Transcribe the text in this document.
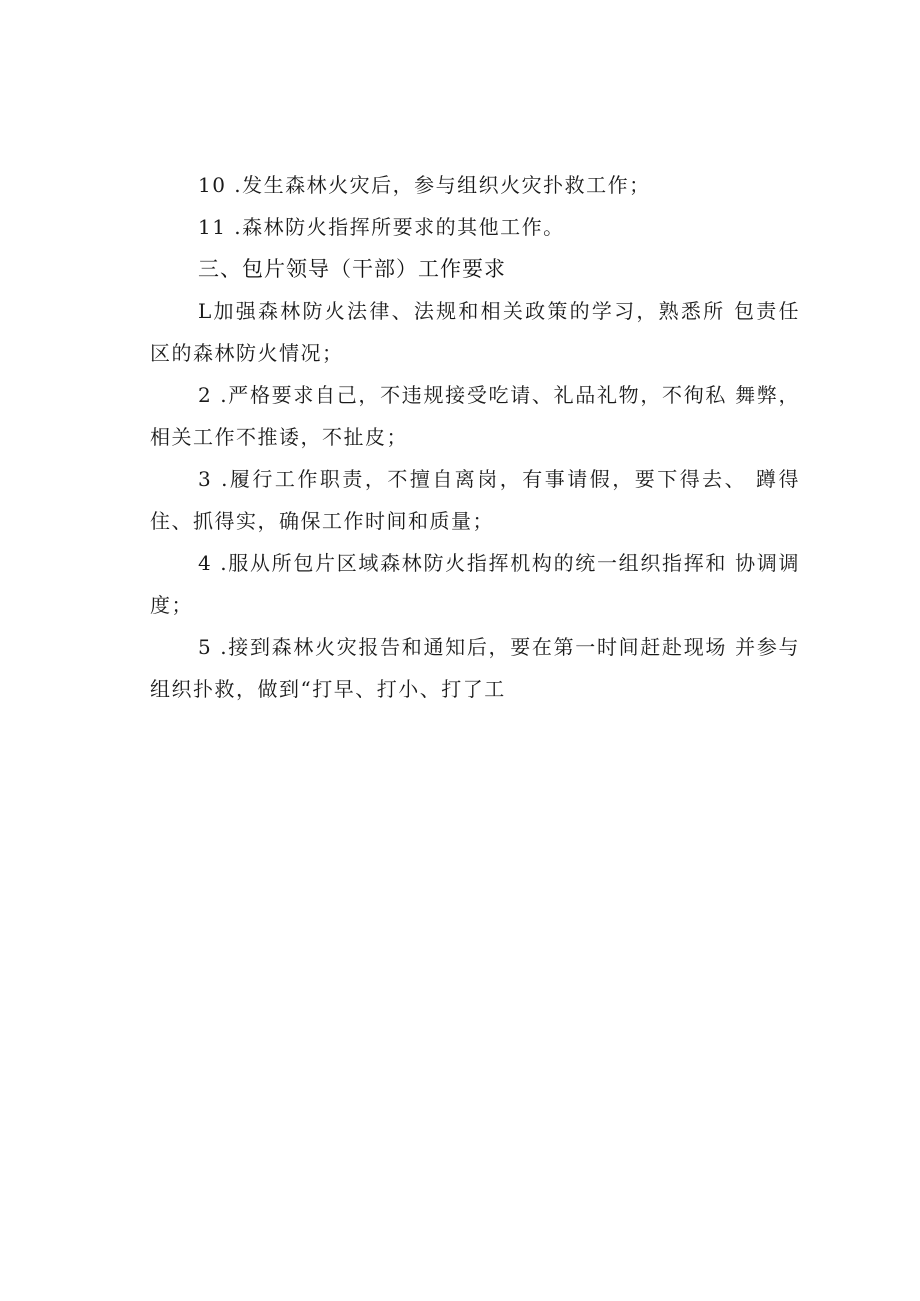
10 .发生森林火灾后，参与组织火灾扑救工作；

11 .森林防火指挥所要求的其他工作。

三、包片领导（干部）工作要求

L加强森林防火法律、法规和相关政策的学习，熟悉所 包责任区的森林防火情况；

2 .严格要求自己，不违规接受吃请、礼品礼物，不徇私 舞弊，相关工作不推诿，不扯皮；

3 .履行工作职责，不擅自离岗，有事请假，要下得去、 蹲得住、抓得实，确保工作时间和质量；

4 .服从所包片区域森林防火指挥机构的统一组织指挥和 协调调度；

5 .接到森林火灾报告和通知后，要在第一时间赶赴现场 并参与组织扑救，做到“打早、打小、打了工
